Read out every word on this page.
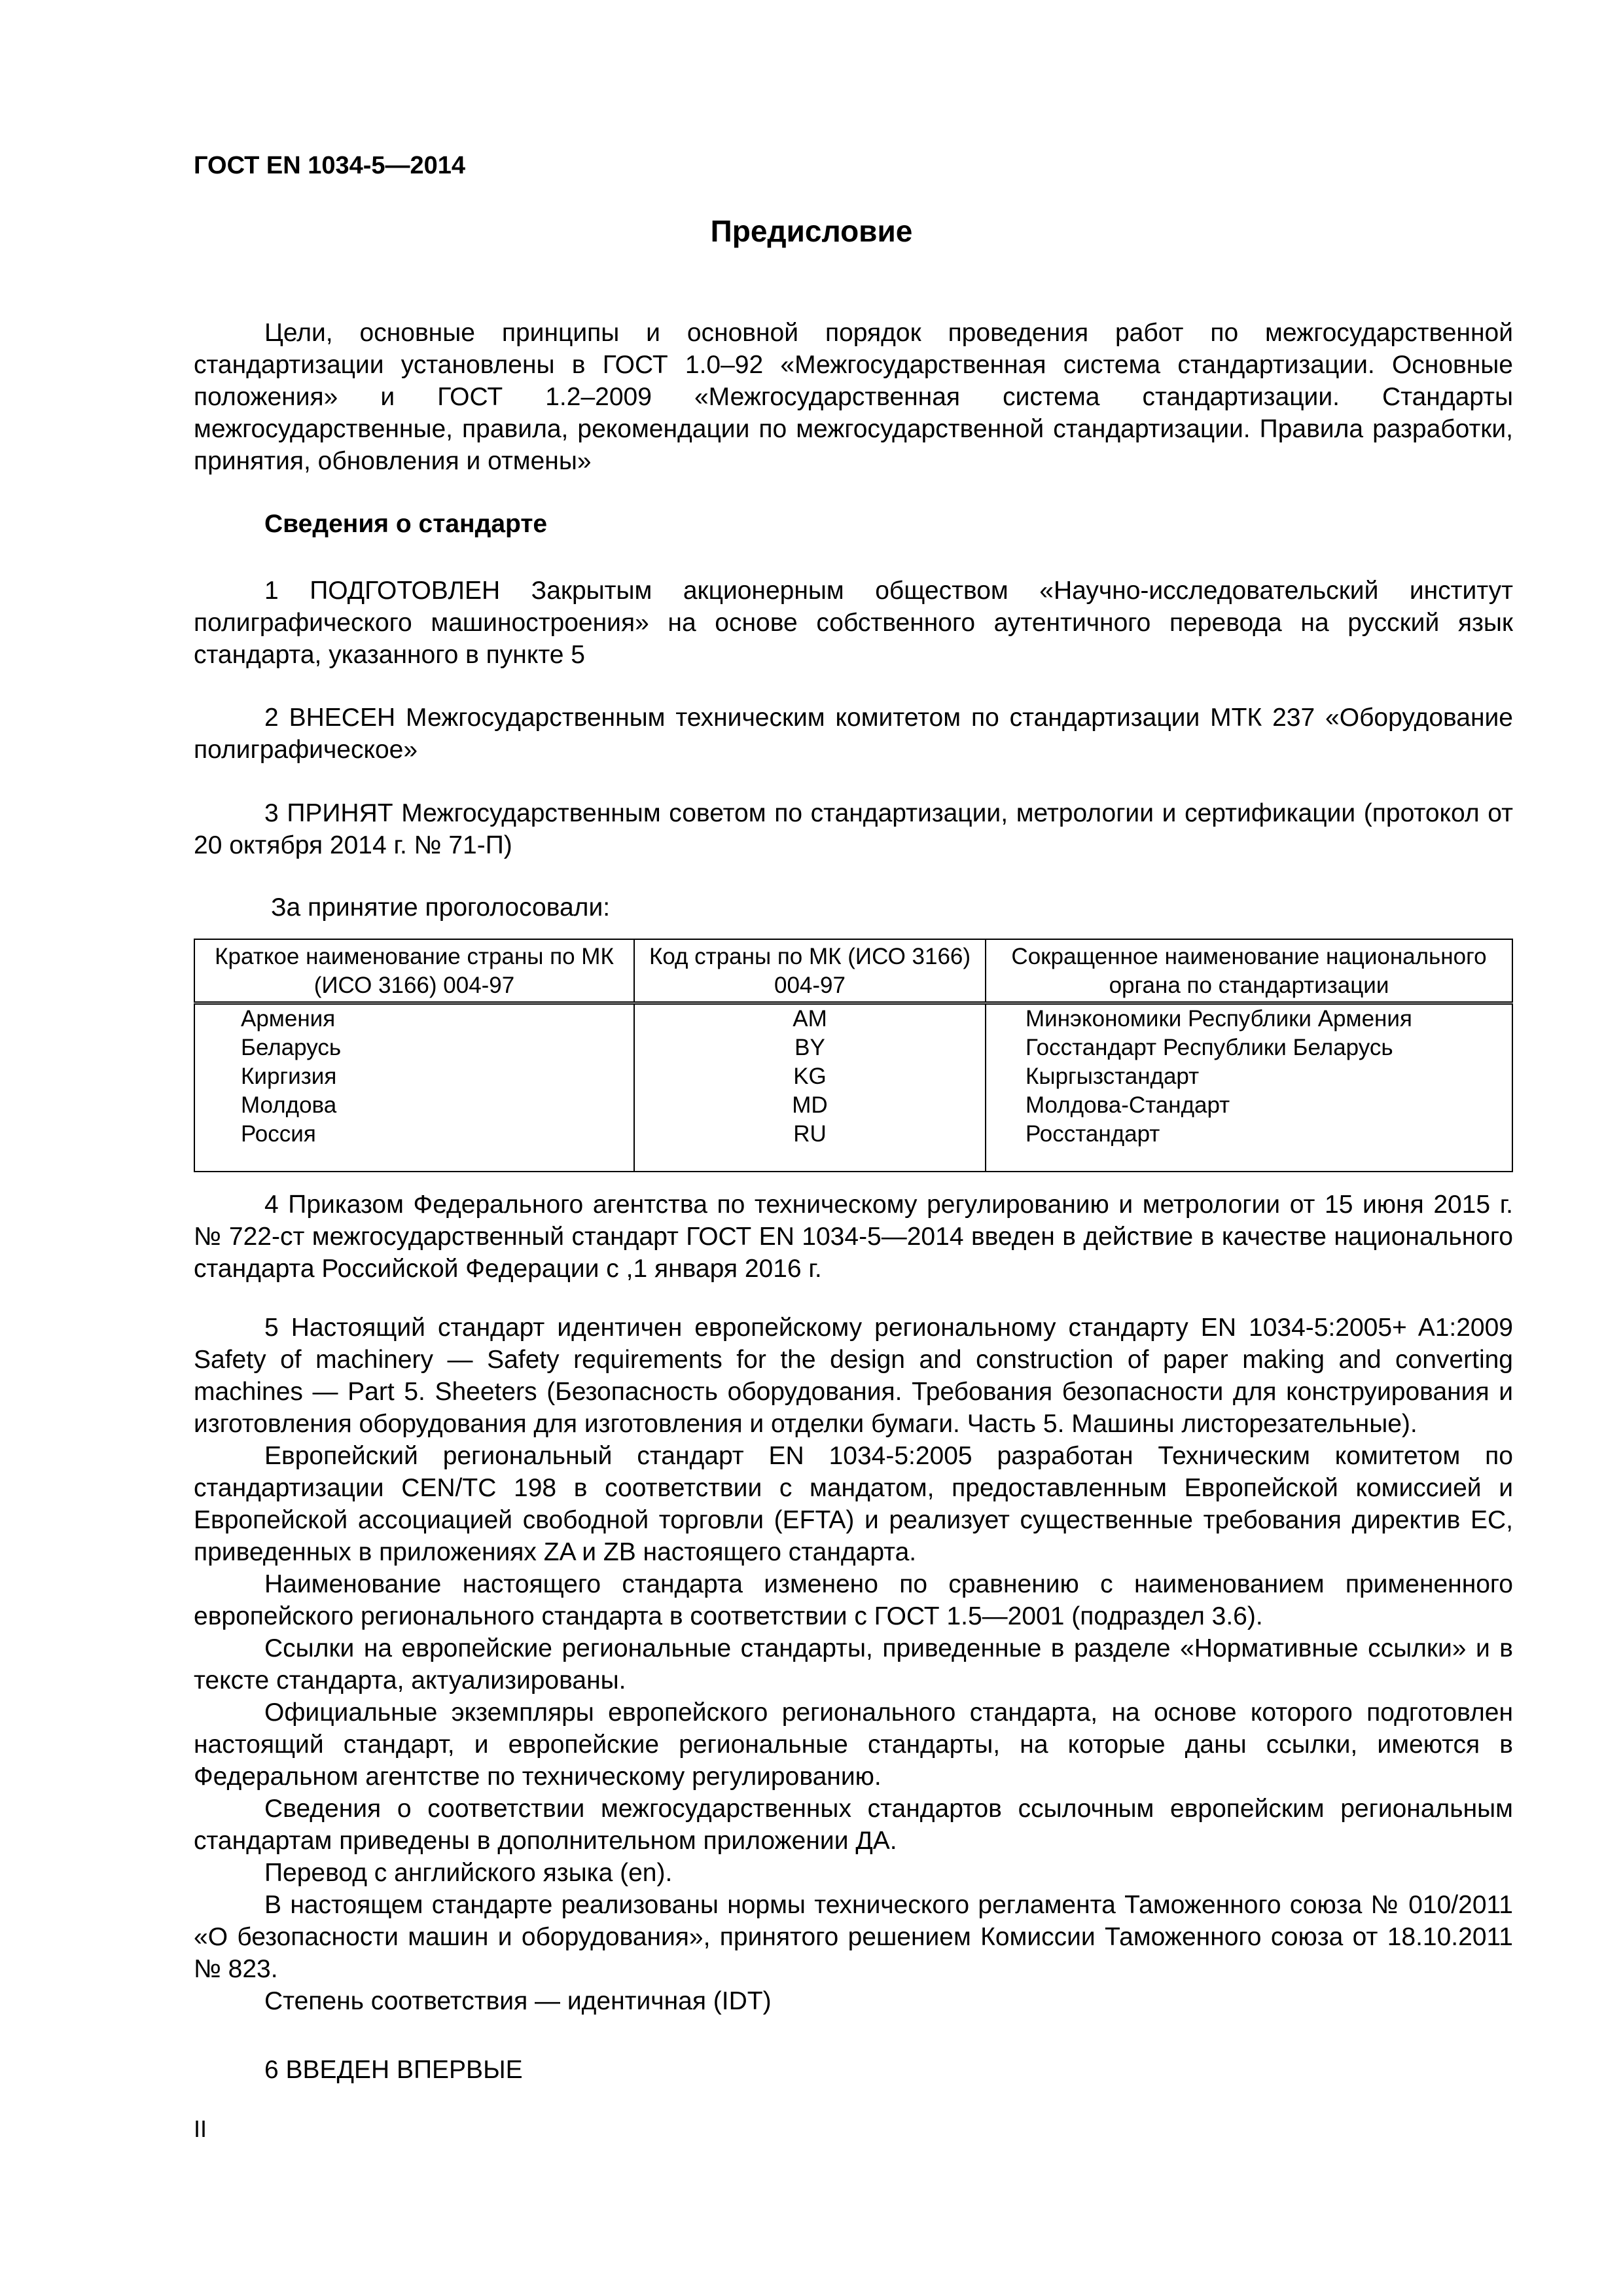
ГОСТ EN 1034-5—2014
Предисловие

Цели, основные принципы и основной порядок проведения работ по межгосударственной стандартизации установлены в ГОСТ 1.0–92 «Межгосударственная система стандартизации. Основные положения» и ГОСТ 1.2–2009 «Межгосударственная система стандартизации. Стандарты межгосударственные, правила, рекомендации по межгосударственной стандартизации. Правила разработки, принятия, обновления и отмены»

Сведения о стандарте

1 ПОДГОТОВЛЕН Закрытым акционерным обществом «Научно-исследовательский институт полиграфического машиностроения» на основе собственного аутентичного перевода на русский язык стандарта, указанного в пункте 5

2 ВНЕСЕН Межгосударственным техническим комитетом по стандартизации МТК 237 «Оборудование полиграфическое»

3 ПРИНЯТ Межгосударственным советом по стандартизации, метрологии и сертификации (протокол от 20 октября 2014 г. № 71-П)

За принятие проголосовали:
Краткое наименование страны по МК (ИСО 3166) 004-97	Код страны по МК (ИСО 3166) 004-97	Сокращенное наименование национального органа по стандартизации
Армения	AM	Минэкономики Республики Армения
Беларусь	BY	Госстандарт Республики Беларусь
Киргизия	KG	Кыргызстандарт
Молдова	MD	Молдова-Стандарт
Россия	RU	Росстандарт

4 Приказом Федерального агентства по техническому регулированию и метрологии от 15 июня 2015 г. № 722-ст межгосударственный стандарт ГОСТ EN 1034-5—2014 введен в действие в качестве национального стандарта Российской Федерации с ,1 января 2016 г.

5 Настоящий стандарт идентичен европейскому региональному стандарту EN 1034-5:2005+ A1:2009 Safety of machinery — Safety requirements for the design and construction of paper making and converting machines — Part 5. Sheeters (Безопасность оборудования. Требования безопасности для конструирования и изготовления оборудования для изготовления и отделки бумаги. Часть 5. Машины листорезательные).

Европейский региональный стандарт EN 1034-5:2005 разработан Техническим комитетом по стандартизации CEN/TC 198 в соответствии с мандатом, предоставленным Европейской комиссией и Европейской ассоциацией свободной торговли (EFTA) и реализует существенные требования директив ЕС, приведенных в приложениях ZA и ZB настоящего стандарта.

Наименование настоящего стандарта изменено по сравнению с наименованием примененного европейского регионального стандарта в соответствии с ГОСТ 1.5—2001 (подраздел 3.6).

Ссылки на европейские региональные стандарты, приведенные в разделе «Нормативные ссылки» и в тексте стандарта, актуализированы.

Официальные экземпляры европейского регионального стандарта, на основе которого подготовлен настоящий стандарт, и европейские региональные стандарты, на которые даны ссылки, имеются в Федеральном агентстве по техническому регулированию.

Сведения о соответствии межгосударственных стандартов ссылочным европейским региональным стандартам приведены в дополнительном приложении ДА.

Перевод с английского языка (en).

В настоящем стандарте реализованы нормы технического регламента Таможенного союза № 010/2011 «О безопасности машин и оборудования», принятого решением Комиссии Таможенного союза от 18.10.2011 № 823.

Степень соответствия — идентичная (IDT)

6 ВВЕДЕН ВПЕРВЫЕ

II
